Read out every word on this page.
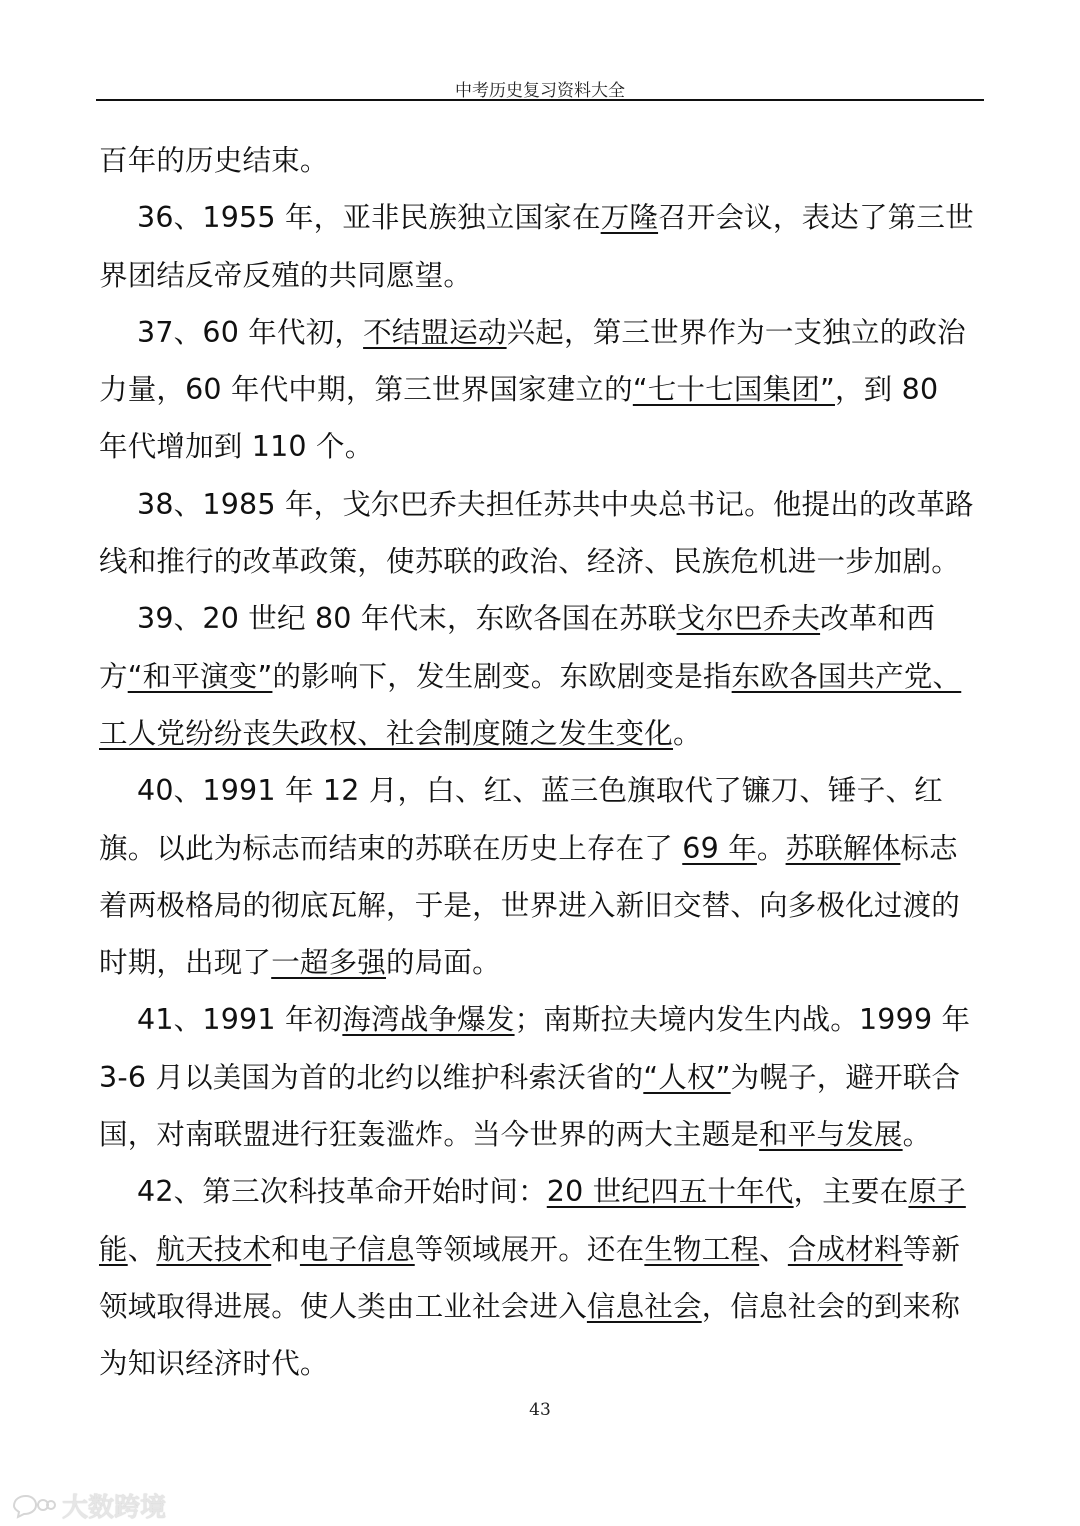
中考历史复习资料大全

百年的历史结束。

36、1955 年，亚非民族独立国家在万隆召开会议，表达了第三世界团结反帝反殖的共同愿望。

37、60 年代初，不结盟运动兴起，第三世界作为一支独立的政治力量，60 年代中期，第三世界国家建立的“七十七国集团”，到 80 年代增加到 110 个。

38、1985 年，戈尔巴乔夫担任苏共中央总书记。他提出的改革路线和推行的改革政策，使苏联的政治、经济、民族危机进一步加剧。

39、20 世纪 80 年代末，东欧各国在苏联戈尔巴乔夫改革和西方“和平演变”的影响下，发生剧变。东欧剧变是指东欧各国共产党、工人党纷纷丧失政权、社会制度随之发生变化。

40、1991 年 12 月，白、红、蓝三色旗取代了镰刀、锤子、红旗。以此为标志而结束的苏联在历史上存在了 69 年。苏联解体标志着两极格局的彻底瓦解，于是，世界进入新旧交替、向多极化过渡的时期，出现了一超多强的局面。

41、1991 年初海湾战争爆发；南斯拉夫境内发生内战。1999 年 3-6 月以美国为首的北约以维护科索沃省的“人权”为幌子，避开联合国，对南联盟进行狂轰滥炸。当今世界的两大主题是和平与发展。

42、第三次科技革命开始时间：20 世纪四五十年代，主要在原子能、航天技术和电子信息等领域展开。还在生物工程、合成材料等新领域取得进展。使人类由工业社会进入信息社会，信息社会的到来称为知识经济时代。

43
大数跨境
